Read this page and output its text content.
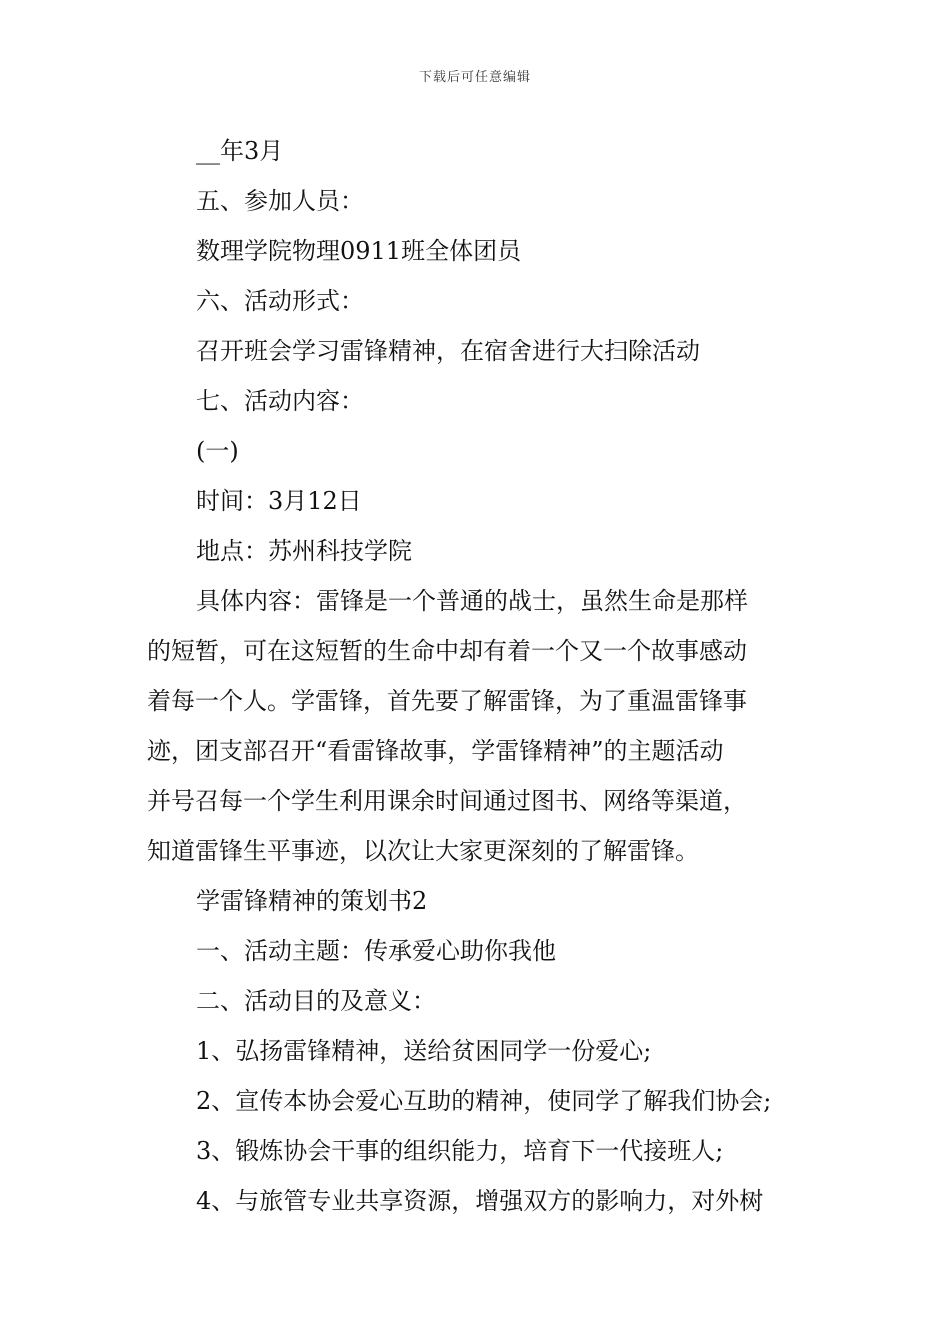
下载后可任意编辑
__年3月
五、参加人员：
数理学院物理0911班全体团员
六、活动形式：
召开班会学习雷锋精神，在宿舍进行大扫除活动
七、活动内容：
(一)
时间：3月12日
地点：苏州科技学院
具体内容：雷锋是一个普通的战士，虽然生命是那样
的短暂，可在这短暂的生命中却有着一个又一个故事感动
着每一个人。学雷锋，首先要了解雷锋，为了重温雷锋事
迹，团支部召开“看雷锋故事，学雷锋精神”的主题活动
并号召每一个学生利用课余时间通过图书、网络等渠道，
知道雷锋生平事迹，以次让大家更深刻的了解雷锋。
学雷锋精神的策划书2
一、活动主题：传承爱心助你我他
二、活动目的及意义：
1、弘扬雷锋精神，送给贫困同学一份爱心;
2、宣传本协会爱心互助的精神，使同学了解我们协会;
3、锻炼协会干事的组织能力，培育下一代接班人;
4、与旅管专业共享资源，增强双方的影响力，对外树
